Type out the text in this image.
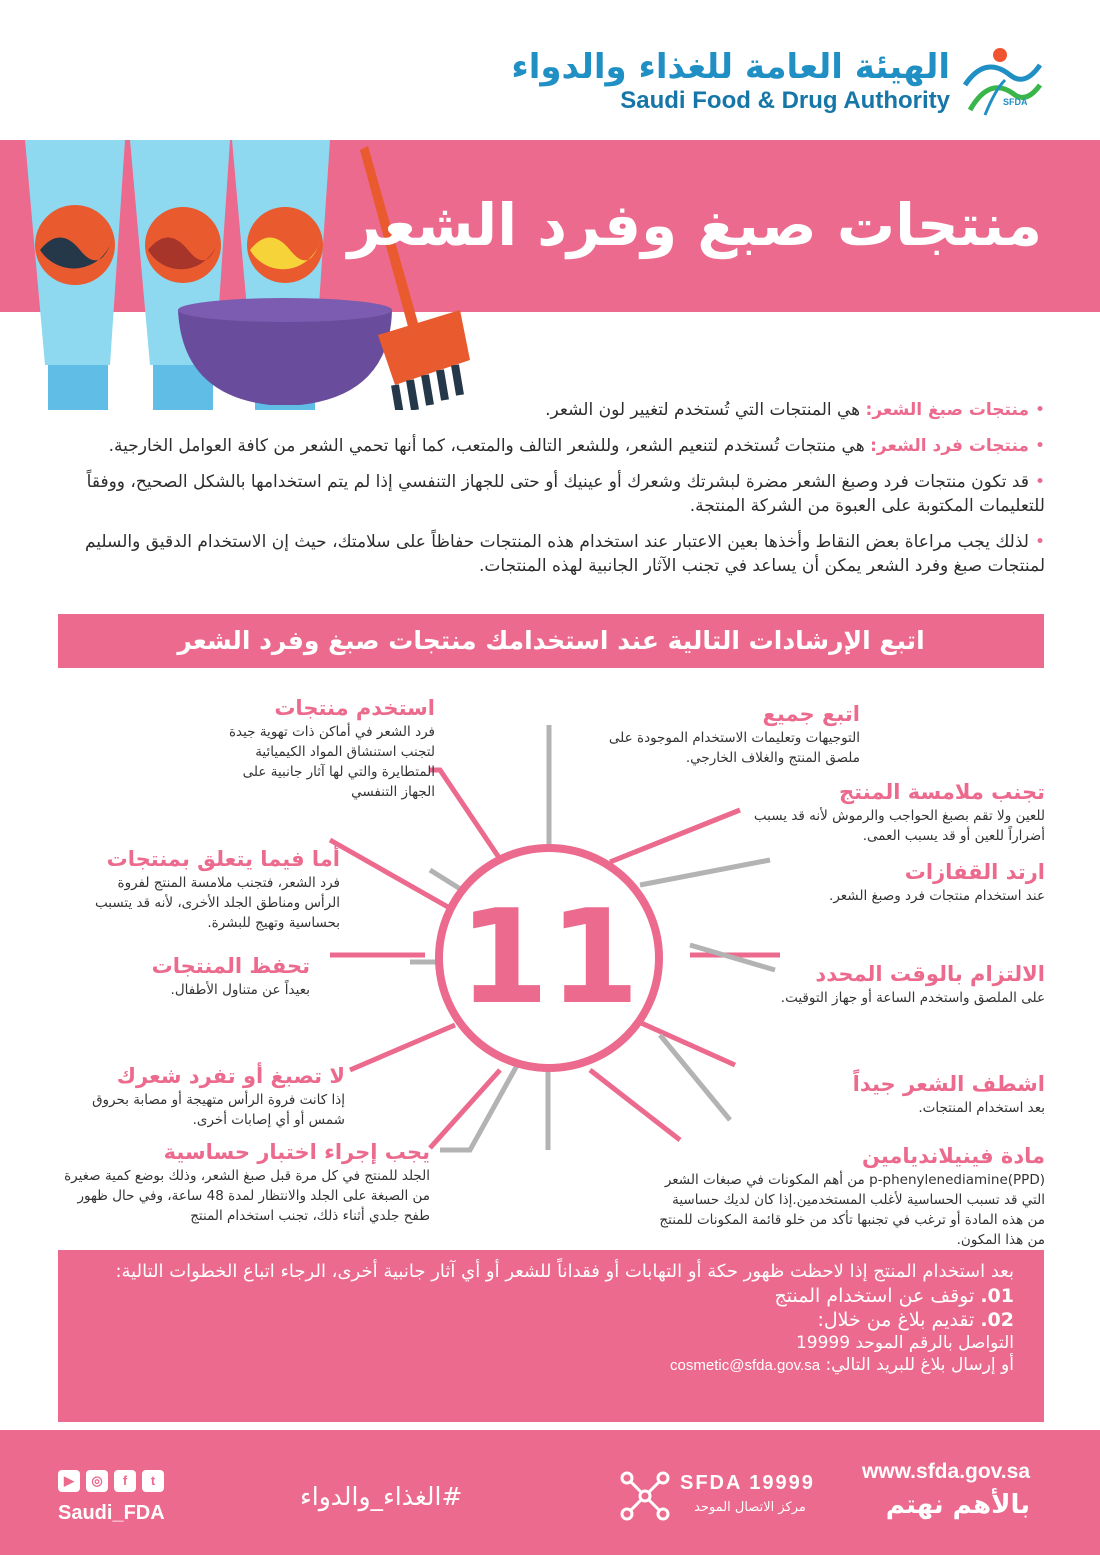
الهيئة العامة للغذاء والدواء
Saudi Food & Drug Authority	SFDA
منتجات صبغ وفرد الشعر

•منتجات صبغ الشعر: هي المنتجات التي تُستخدم لتغيير لون الشعر.

•منتجات فرد الشعر: هي منتجات تُستخدم لتنعيم الشعر، وللشعر التالف والمتعب، كما أنها تحمي الشعر من كافة العوامل الخارجية.

•قد تكون منتجات فرد وصبغ الشعر مضرة لبشرتك وشعرك أو عينيك أو حتى للجهاز التنفسي إذا لم يتم استخدامها بالشكل الصحيح، ووفقاً للتعليمات المكتوبة على العبوة من الشركة المنتجة.

•لذلك يجب مراعاة بعض النقاط وأخذها بعين الاعتبار عند استخدام هذه المنتجات حفاظاً على سلامتك، حيث إن الاستخدام الدقيق والسليم لمنتجات صبغ وفرد الشعر يمكن أن يساعد في تجنب الآثار الجانبية لهذه المنتجات.

اتبع الإرشادات التالية عند استخدامك منتجات صبغ وفرد الشعر
11
اتبع جميع
التوجيهات وتعليمات الاستخدام الموجودة على ملصق المنتج والغلاف الخارجي.
تجنب ملامسة المنتج
للعين ولا تقم بصبغ الحواجب والرموش لأنه قد يسبب أضراراً للعين أو قد يسبب العمى.
ارتد القفازات
عند استخدام منتجات فرد وصبغ الشعر.
الالتزام بالوقت المحدد
على الملصق واستخدم الساعة أو جهاز التوقيت.
اشطف الشعر جيداً
بعد استخدام المنتجات.
مادة فينيلانديامين
(p-phenylenediamine(PPD من أهم المكونات في صبغات الشعر التي قد تسبب الحساسية لأغلب المستخدمين.إذا كان لديك حساسية من هذه المادة أو ترغب في تجنبها تأكد من خلو قائمة المكونات للمنتج من هذا المكون.
استخدم منتجات
فرد الشعر في أماكن ذات تهوية جيدة لتجنب استنشاق المواد الكيميائية المتطايرة والتي لها آثار جانبية على الجهاز التنفسي
أما فيما يتعلق بمنتجات
فرد الشعر، فتجنب ملامسة المنتج لفروة الرأس ومناطق الجلد الأخرى، لأنه قد يتسبب بحساسية وتهيج للبشرة.
تحفظ المنتجات
بعيداً عن متناول الأطفال.
لا تصبغ أو تفرد شعرك
إذا كانت فروة الرأس متهيجة أو مصابة بحروق شمس أو أي إصابات أخرى.
يجب إجراء اختبار حساسية
الجلد للمنتج في كل مرة قبل صبغ الشعر، وذلك بوضع كمية صغيرة من الصبغة على الجلد والانتظار لمدة 48 ساعة، وفي حال ظهور طفح جلدي أثناء ذلك، تجنب استخدام المنتج
بعد استخدام المنتج إذا لاحظت ظهور حكة أو التهابات أو فقداناً للشعر أو أي آثار جانبية أخرى، الرجاء اتباع الخطوات التالية:
01. توقف عن استخدام المنتج
02. تقديم بلاغ من خلال:
التواصل بالرقم الموحد 19999
أو إرسال بلاغ للبريد التالي: cosmetic@sfda.gov.sa
www.sfda.gov.sa
بالأهم نهتم
SFDA 19999
مركز الاتصال الموحد
#الغذاء_والدواء
▶	◎	f	t
Saudi_FDA
